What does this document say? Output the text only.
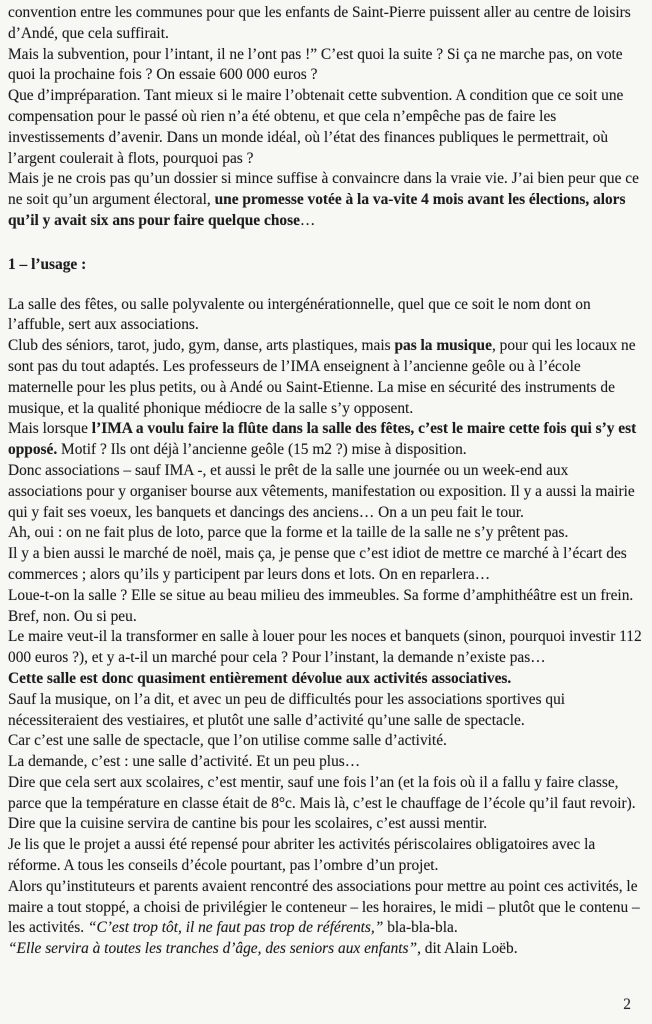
convention entre les communes pour que les enfants de Saint-Pierre puissent aller au centre de loisirs d’Andé, que cela suffirait.

Mais la subvention, pour l’intant, il ne l’ont pas !” C’est quoi la suite ? Si ça ne marche pas, on vote quoi la prochaine fois ? On essaie 600 000 euros ?

Que d’impréparation. Tant mieux si le maire l’obtenait cette subvention. A condition que ce soit une compensation pour le passé où rien n’a été obtenu, et que cela n’empêche pas de faire les investissements d’avenir. Dans un monde idéal, où l’état des finances publiques le permettrait, où l’argent coulerait à flots, pourquoi pas ?

Mais je ne crois pas qu’un dossier si mince suffise à convaincre dans la vraie vie. J’ai bien peur que ce ne soit qu’un argument électoral, une promesse votée à la va-vite 4 mois avant les élections, alors qu’il y avait six ans pour faire quelque chose…

1 – l’usage :

La salle des fêtes, ou salle polyvalente ou intergénérationnelle, quel que ce soit le nom dont on l’affuble, sert aux associations.

Club des séniors, tarot, judo, gym, danse, arts plastiques, mais pas la musique, pour qui les locaux ne sont pas du tout adaptés. Les professeurs de l’IMA enseignent à l’ancienne geôle ou à l’école maternelle pour les plus petits, ou à Andé ou Saint-Etienne. La mise en sécurité des instruments de musique, et la qualité phonique médiocre de la salle s’y opposent.

Mais lorsque l’IMA a voulu faire la flûte dans la salle des fêtes, c’est le maire cette fois qui s’y est opposé. Motif ? Ils ont déjà l’ancienne geôle (15 m2 ?) mise à disposition.

Donc associations – sauf IMA -, et aussi le prêt de la salle une journée ou un week-end aux associations pour y organiser bourse aux vêtements, manifestation ou exposition. Il y a aussi la mairie qui y fait ses voeux, les banquets et dancings des anciens… On a un peu fait le tour.

Ah, oui : on ne fait plus de loto, parce que la forme et la taille de la salle ne s’y prêtent pas.

Il y a bien aussi le marché de noël, mais ça, je pense que c’est idiot de mettre ce marché à l’écart des commerces ; alors qu’ils y participent par leurs dons et lots. On en reparlera…

Loue-t-on la salle ? Elle se situe au beau milieu des immeubles. Sa forme d’amphithéâtre est un frein. Bref, non. Ou si peu.

Le maire veut-il la transformer en salle à louer pour les noces et banquets (sinon, pourquoi investir 112 000 euros ?), et y a-t-il un marché pour cela ? Pour l’instant, la demande n’existe pas…

Cette salle est donc quasiment entièrement dévolue aux activités associatives.

Sauf la musique, on l’a dit, et avec un peu de difficultés pour les associations sportives qui nécessiteraient des vestiaires, et plutôt une salle d’activité qu’une salle de spectacle.

Car c’est une salle de spectacle, que l’on utilise comme salle d’activité.

La demande, c’est : une salle d’activité. Et un peu plus…

Dire que cela sert aux scolaires, c’est mentir, sauf une fois l’an (et la fois où il a fallu y faire classe, parce que la température en classe était de 8°c. Mais là, c’est le chauffage de l’école qu’il faut revoir). Dire que la cuisine servira de cantine bis pour les scolaires, c’est aussi mentir.

Je lis que le projet a aussi été repensé pour abriter les activités périscolaires obligatoires avec la réforme. A tous les conseils d’école pourtant, pas l’ombre d’un projet.

Alors qu’instituteurs et parents avaient rencontré des associations pour mettre au point ces activités, le maire a tout stoppé, a choisi de privilégier le conteneur – les horaires, le midi – plutôt que le contenu – les activités. “C’est trop tôt, il ne faut pas trop de référents,” bla-bla-bla.

“Elle servira à toutes les tranches d’âge, des seniors aux enfants”, dit Alain Loëb.

2
